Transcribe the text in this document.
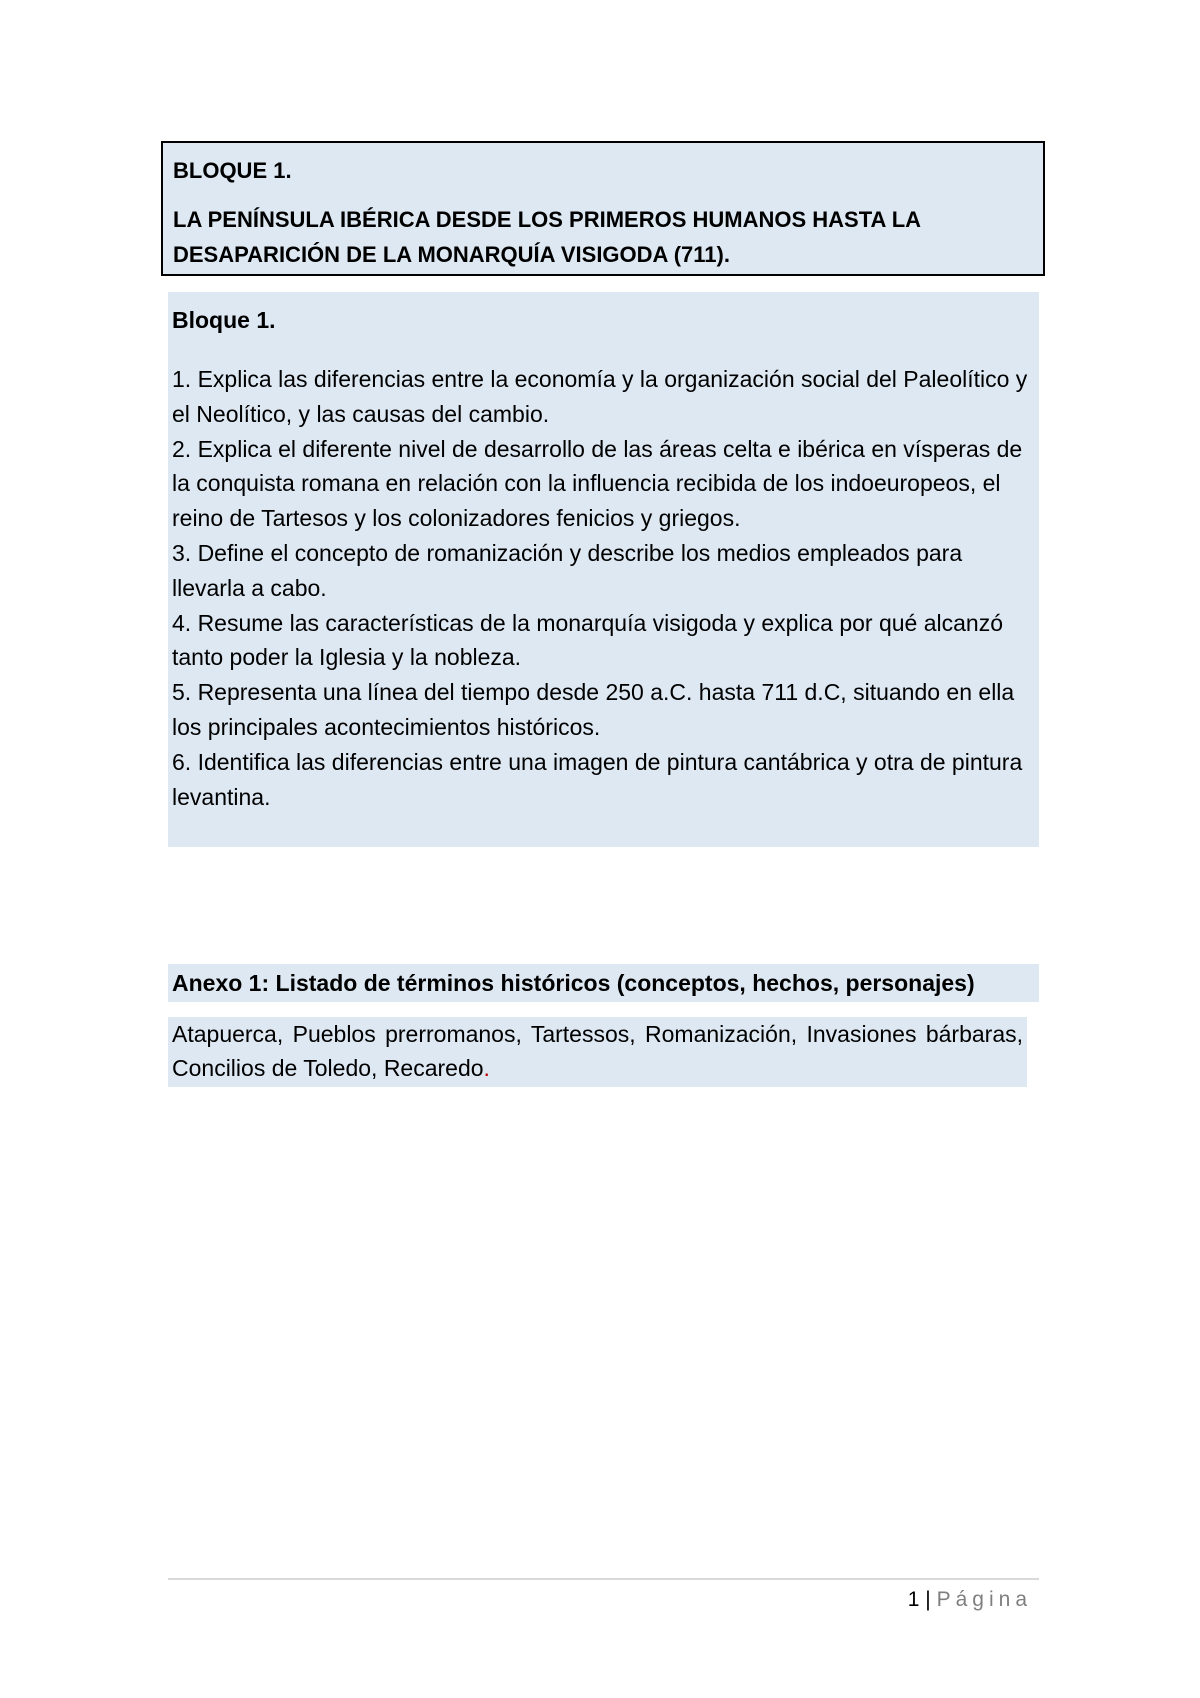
BLOQUE 1.

LA PENÍNSULA IBÉRICA DESDE LOS PRIMEROS HUMANOS HASTA LA

DESAPARICIÓN DE LA MONARQUÍA VISIGODA (711).

Bloque 1.

1. Explica las diferencias entre la economía y la organización social del Paleolítico y el Neolítico, y las causas del cambio.
2. Explica el diferente nivel de desarrollo de las áreas celta e ibérica en vísperas de la conquista romana en relación con la influencia recibida de los indoeuropeos, el reino de Tartesos y los colonizadores fenicios y griegos.
3. Define el concepto de romanización y describe los medios empleados para llevarla a cabo.
4. Resume las características de la monarquía visigoda y explica por qué alcanzó tanto poder la Iglesia y la nobleza.
5. Representa una línea del tiempo desde 250 a.C. hasta 711 d.C, situando en ella los principales acontecimientos históricos.
6. Identifica las diferencias entre una imagen de pintura cantábrica y otra de pintura levantina.
Anexo 1: Listado de términos históricos (conceptos, hechos, personajes)
Atapuerca, Pueblos prerromanos, Tartessos, Romanización, Invasiones bárbaras, Concilios de Toledo, Recaredo.
1 | Página
